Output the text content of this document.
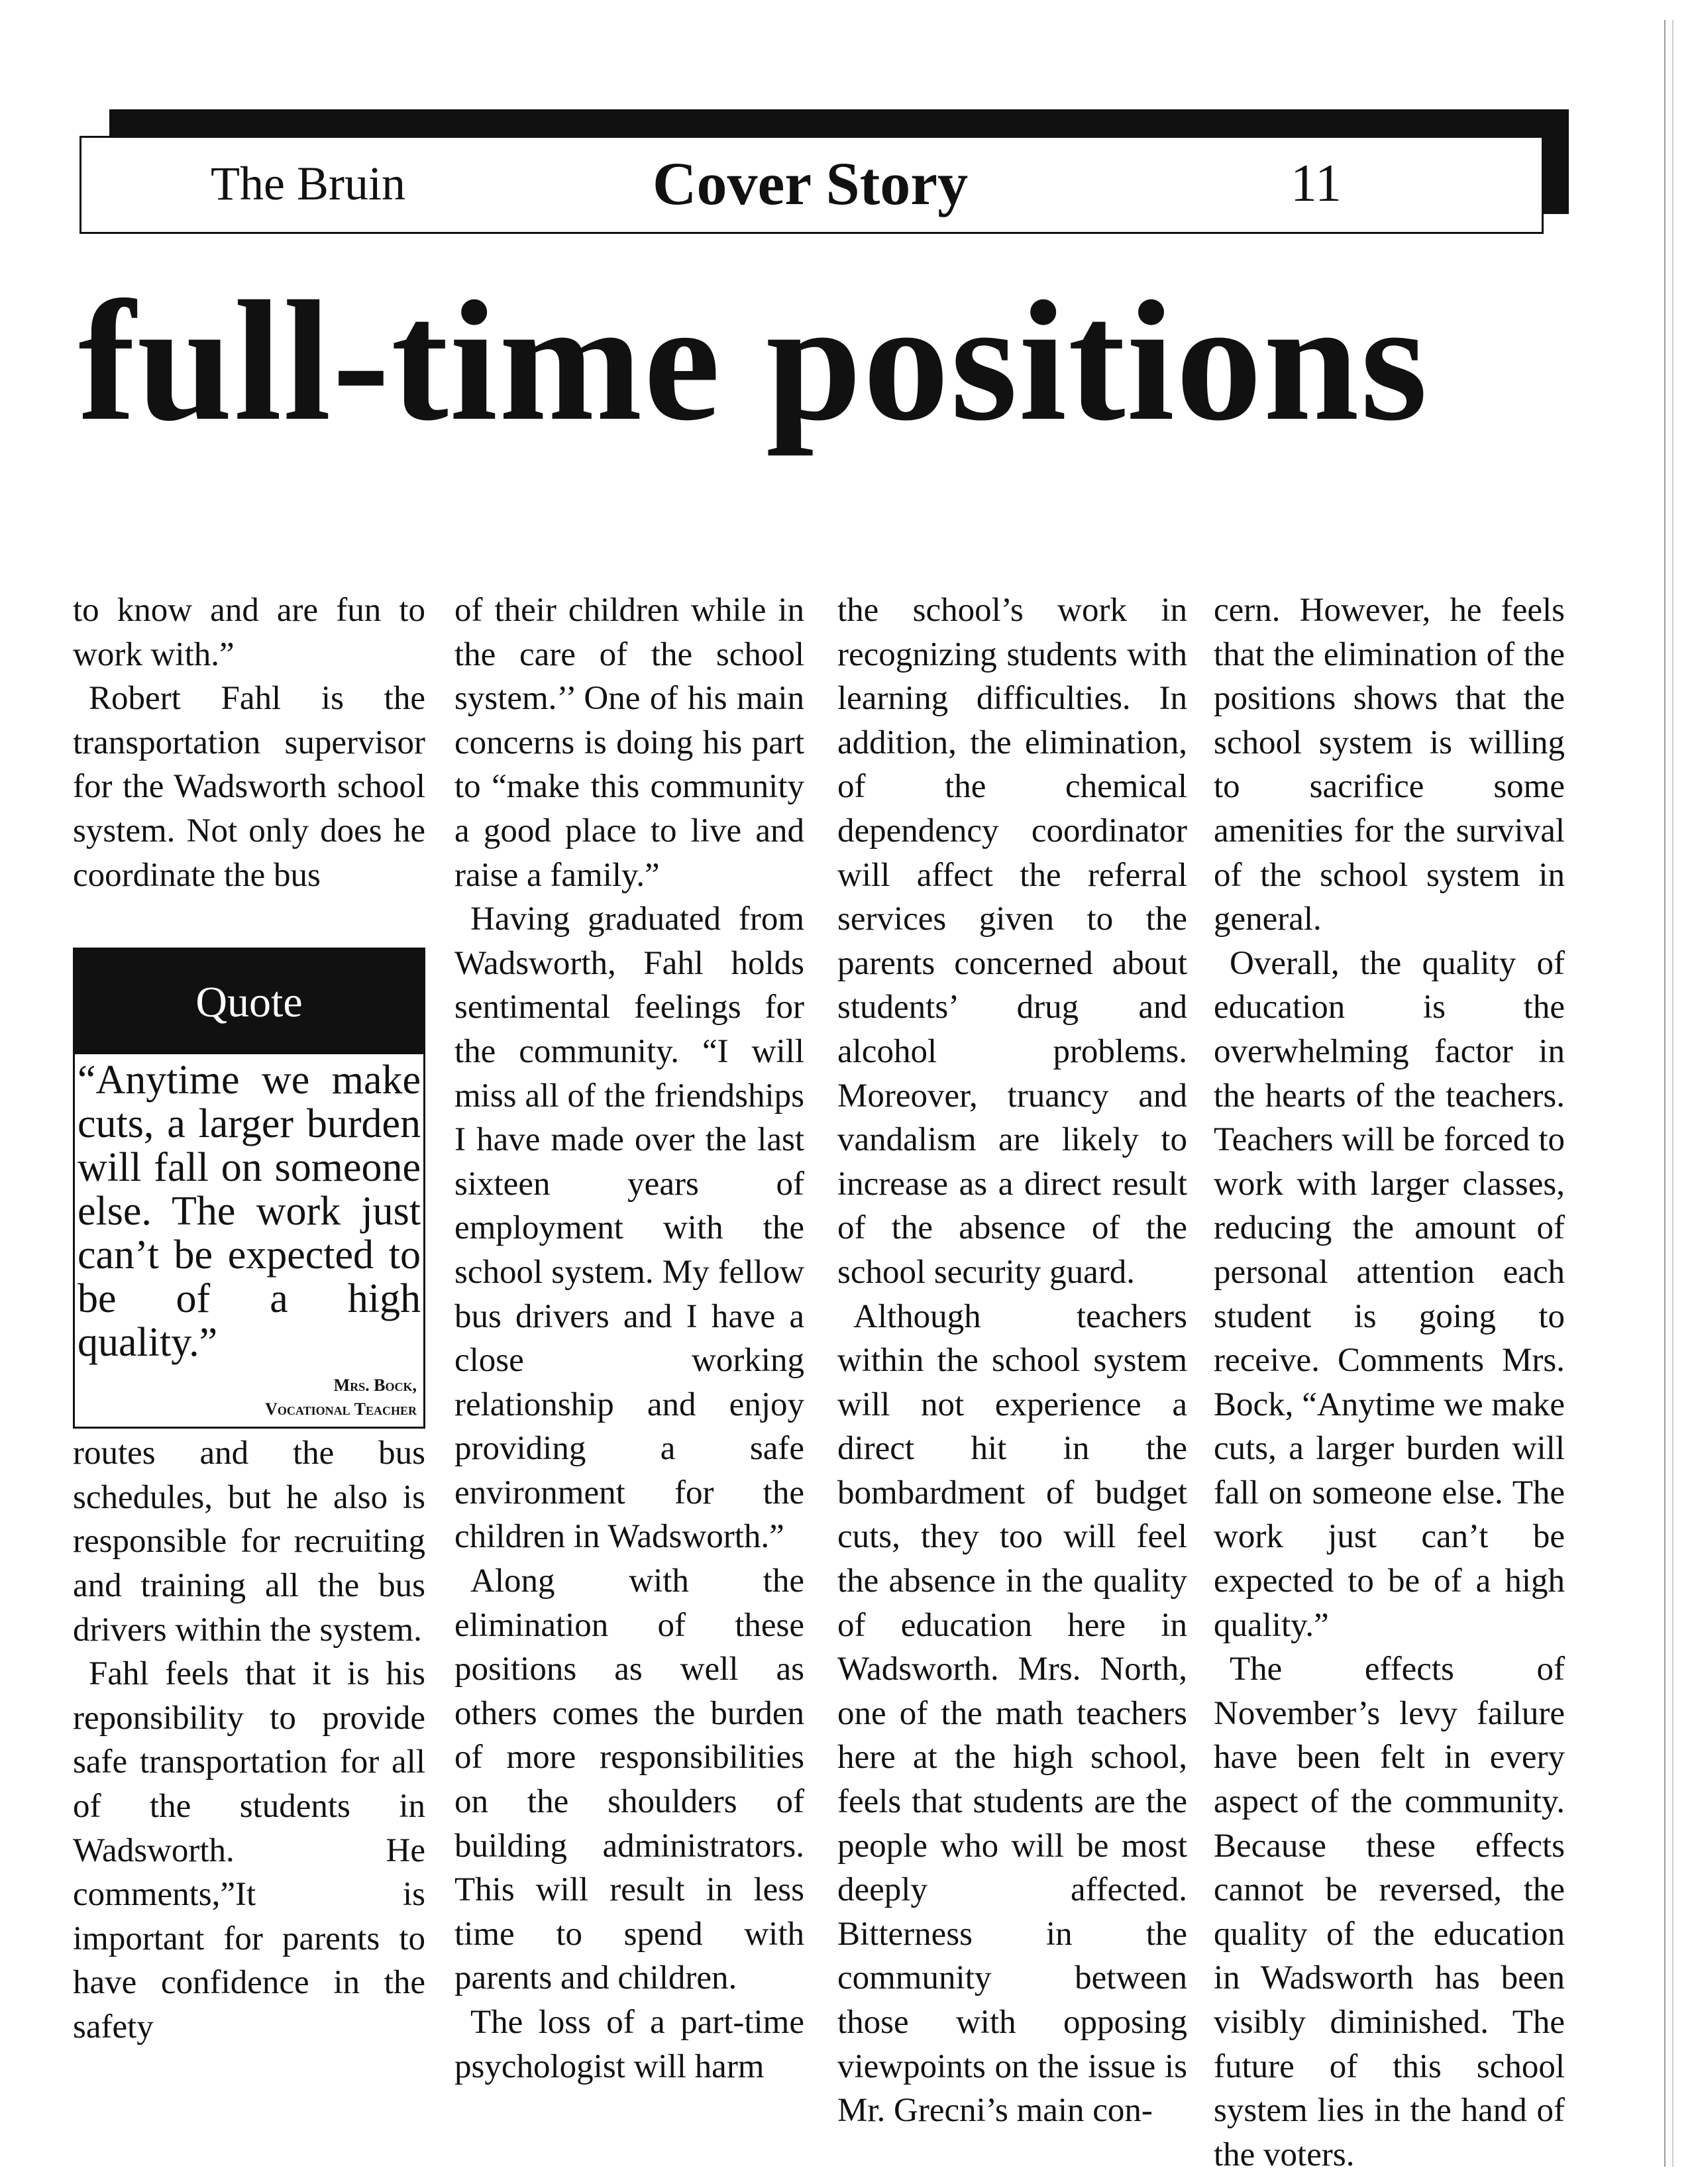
The Bruin	Cover Story	11
full-time positions

to know and are fun to work with.”

Robert Fahl is the transportation supervisor for the Wadsworth school system. Not only does he coordinate the bus

Quote
“Anytime we make cuts, a larger burden will fall on someone else. The work just can’t be expected to be of a high quality.”
Mrs. Bock,
Vocational Teacher

routes and the bus schedules, but he also is responsible for recruiting and training all the bus drivers within the system.

Fahl feels that it is his reponsibility to provide safe transportation for all of the students in Wadsworth. He comments,”It is important for parents to have confidence in the safety

of their children while in the care of the school system.’’ One of his main concerns is doing his part to “make this community a good place to live and raise a family.”

Having graduated from Wadsworth, Fahl holds sentimental feelings for the community. “I will miss all of the friendships I have made over the last sixteen years of employment with the school system. My fellow bus drivers and I have a close working relationship and enjoy providing a safe environment for the children in Wadsworth.”

Along with the elimination of these positions as well as others comes the burden of more responsibilities on the shoulders of building administrators. This will result in less time to spend with parents and children.

The loss of a part-time psychologist will harm

the school’s work in recognizing students with learning difficulties. In addition, the elimination, of the chemical dependency coordinator will affect the referral services given to the parents concerned about students’ drug and alcohol problems. Moreover, truancy and vandalism are likely to increase as a direct result of the absence of the school security guard.

Although teachers within the school system will not experience a direct hit in the bombardment of budget cuts, they too will feel the absence in the quality of education here in Wadsworth. Mrs. North, one of the math teachers here at the high school, feels that students are the people who will be most deeply affected. Bitterness in the community between those with opposing viewpoints on the issue is Mr. Grecni’s main con-

cern. However, he feels that the elimination of the positions shows that the school system is willing to sacrifice some amenities for the survival of the school system in general.

Overall, the quality of education is the overwhelming factor in the hearts of the teachers. Teachers will be forced to work with larger classes, reducing the amount of personal attention each student is going to receive. Comments Mrs. Bock, “Anytime we make cuts, a larger burden will fall on someone else. The work just can’t be expected to be of a high quality.”

The effects of November’s levy failure have been felt in every aspect of the community. Because these effects cannot be reversed, the quality of the education in Wadsworth has been visibly diminished. The future of this school system lies in the hand of the voters.
